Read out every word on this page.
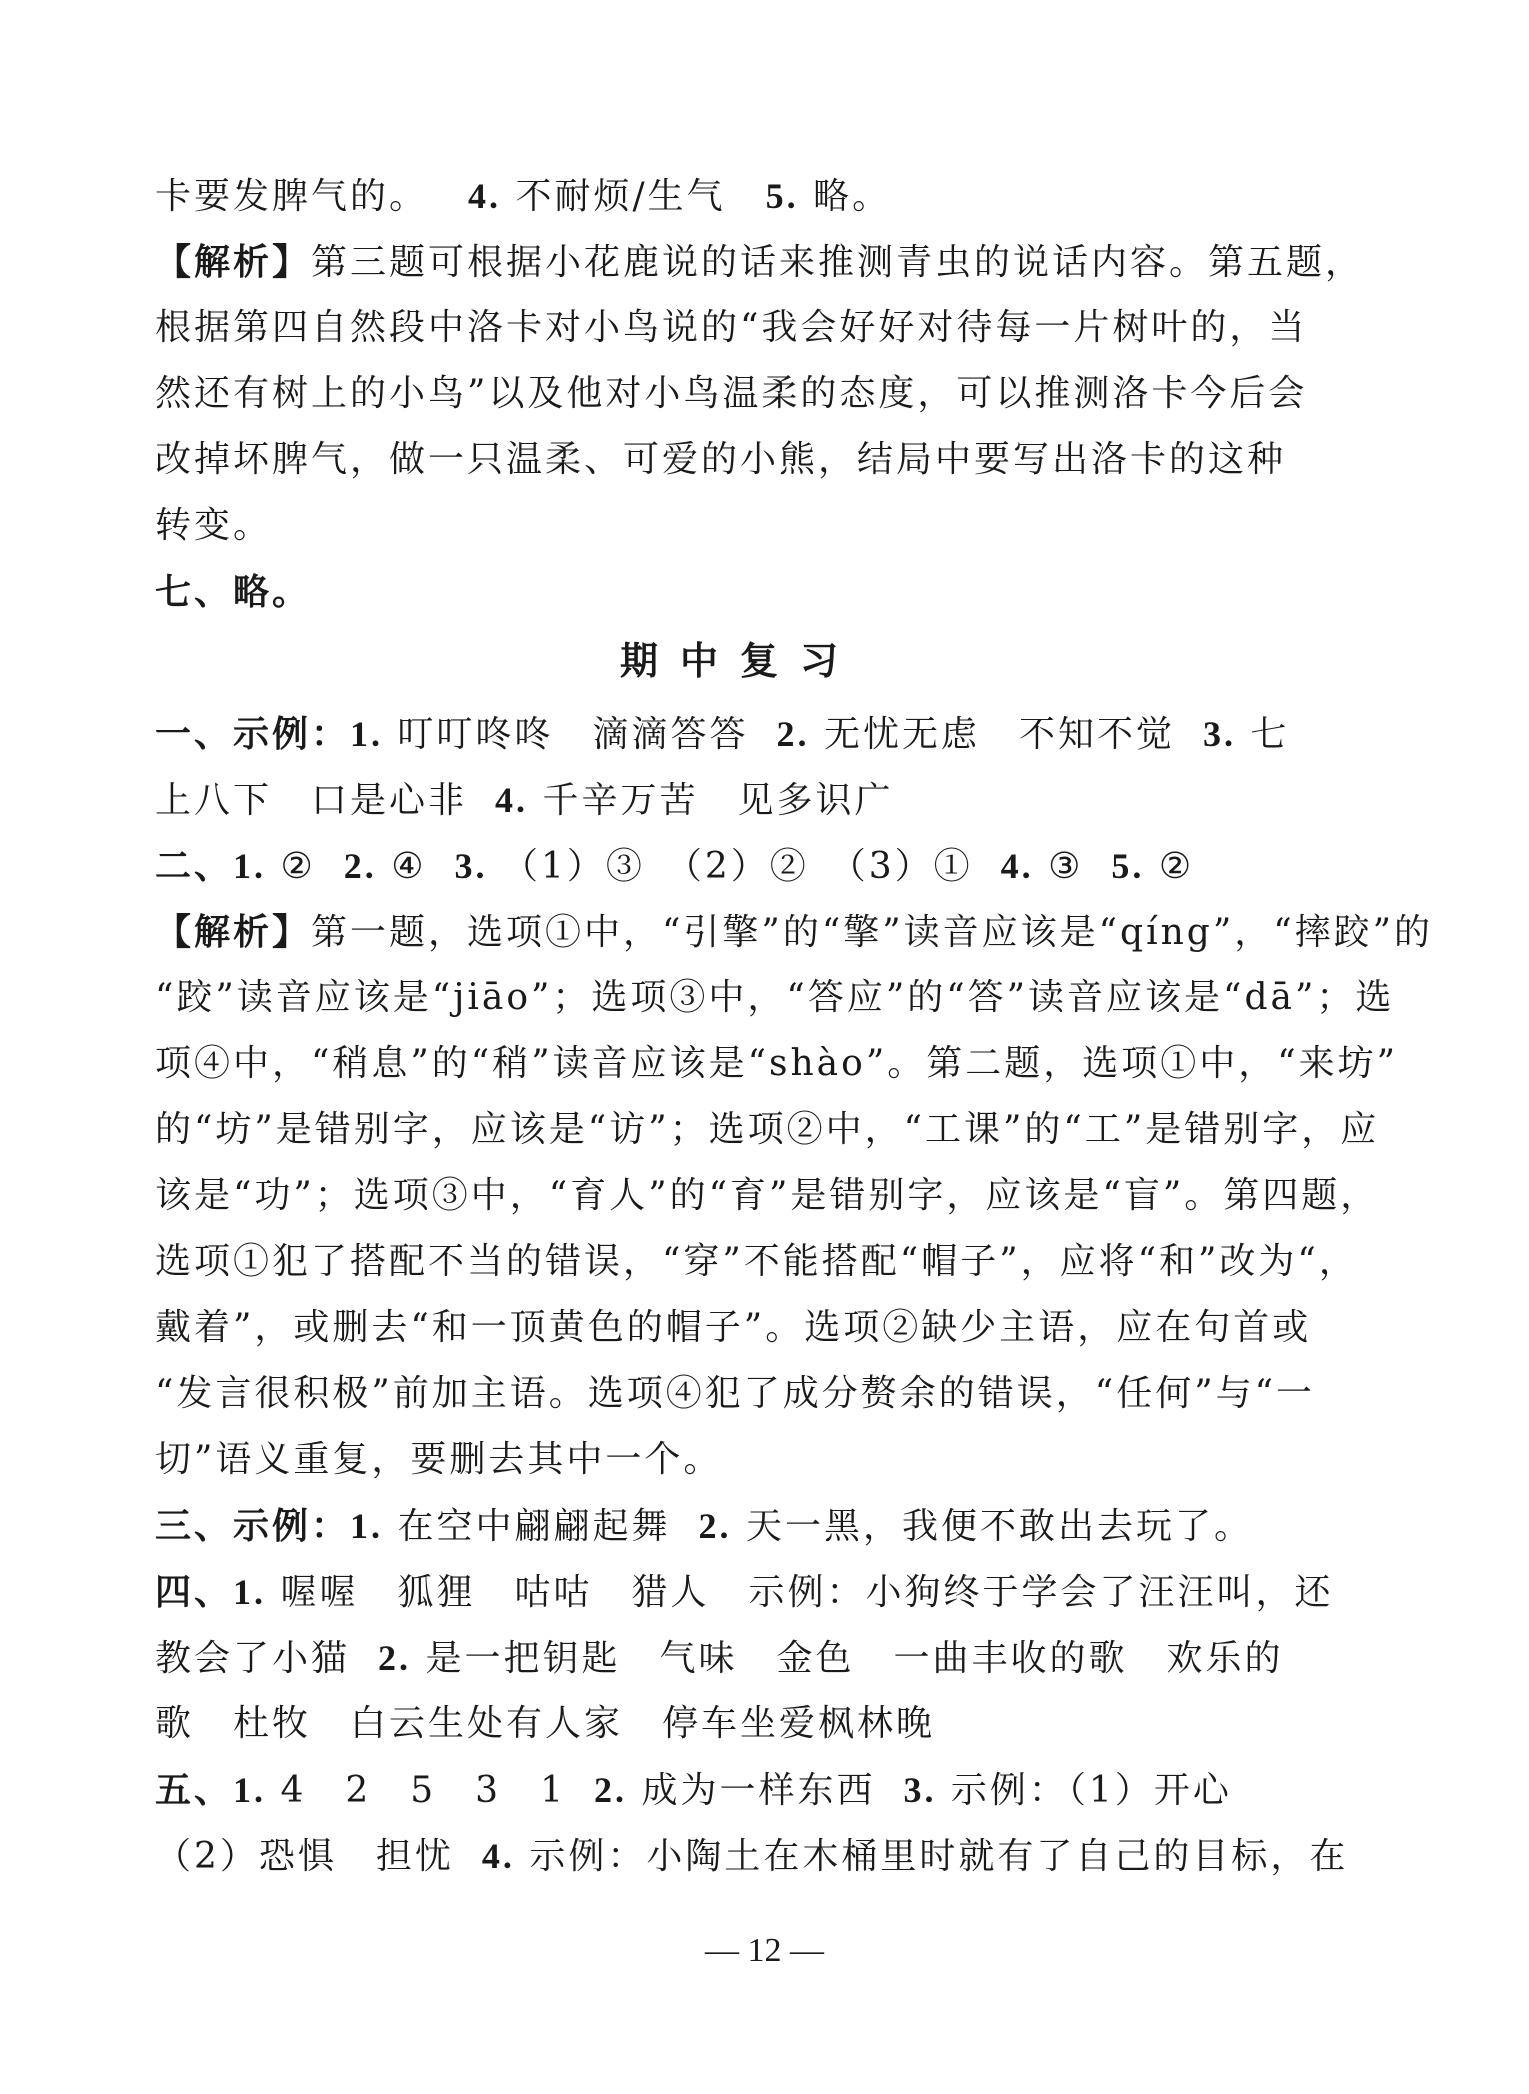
卡要发脾气的。 4. 不耐烦/生气 5. 略。
【解析】第三题可根据小花鹿说的话来推测青虫的说话内容。第五题，
根据第四自然段中洛卡对小鸟说的“我会好好对待每一片树叶的，当
然还有树上的小鸟”以及他对小鸟温柔的态度，可以推测洛卡今后会
改掉坏脾气，做一只温柔、可爱的小熊，结局中要写出洛卡的这种
转变。
七、略。
期中复习
一、示例：1. 叮叮咚咚　滴滴答答 2. 无忧无虑　不知不觉 3. 七
上八下　口是心非 4. 千辛万苦　见多识广
二、1. ② 2. ④ 3. （1）③　（2）②　（3）① 4. ③ 5. ②
【解析】第一题，选项①中，“引擎”的“擎”读音应该是“qíng”，“摔跤”的
“跤”读音应该是“jiāo”；选项③中，“答应”的“答”读音应该是“dā”；选
项④中，“稍息”的“稍”读音应该是“shào”。第二题，选项①中，“来坊”
的“坊”是错别字，应该是“访”；选项②中，“工课”的“工”是错别字，应
该是“功”；选项③中，“育人”的“育”是错别字，应该是“盲”。第四题，
选项①犯了搭配不当的错误，“穿”不能搭配“帽子”，应将“和”改为“，
戴着”，或删去“和一顶黄色的帽子”。选项②缺少主语，应在句首或
“发言很积极”前加主语。选项④犯了成分赘余的错误，“任何”与“一
切”语义重复，要删去其中一个。
三、示例：1. 在空中翩翩起舞 2. 天一黑，我便不敢出去玩了。
四、1. 喔喔　狐狸　咕咕　猎人　示例：小狗终于学会了汪汪叫，还
教会了小猫 2. 是一把钥匙　气味　金色　一曲丰收的歌　欢乐的
歌　杜牧　白云生处有人家　停车坐爱枫林晚
五、1. 4　2　5　3　1 2. 成为一样东西 3. 示例：（1）开心
（2）恐惧　担忧 4. 示例：小陶土在木桶里时就有了自己的目标，在
— 12 —
